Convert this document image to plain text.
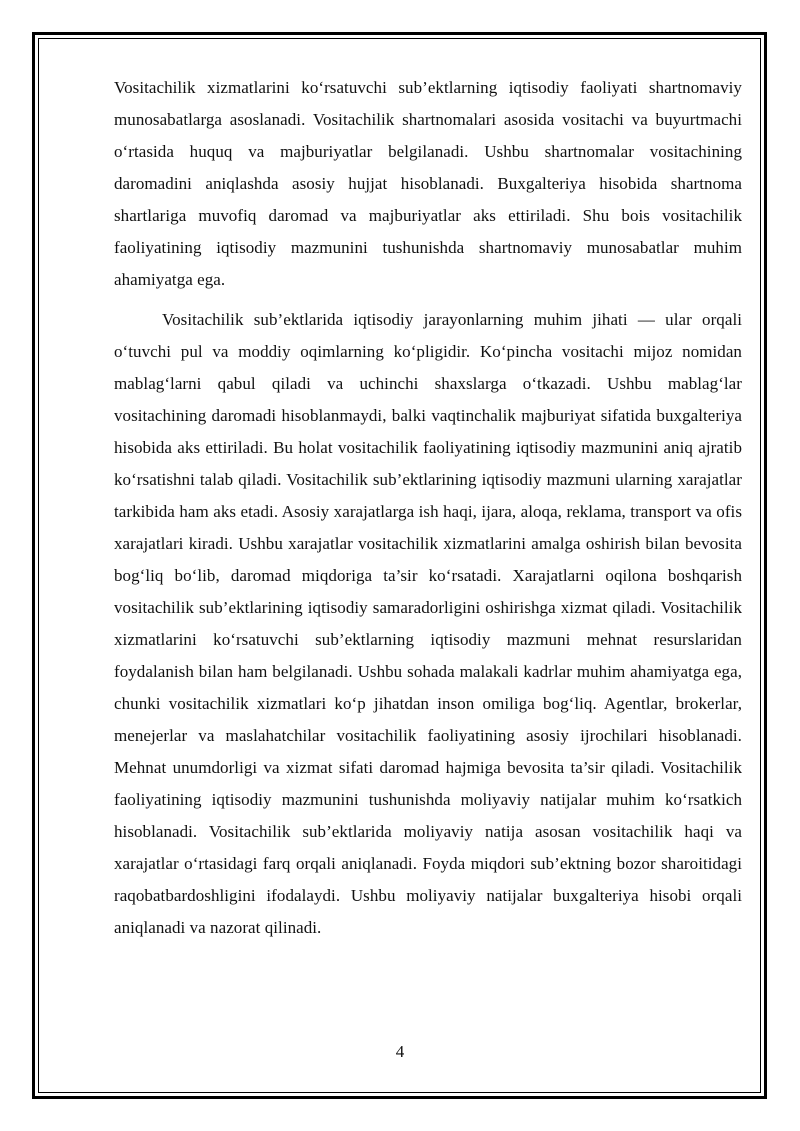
Vositachilik xizmatlarini ko‘rsatuvchi sub’ektlarning iqtisodiy faoliyati shartnomaviy munosabatlarga asoslanadi. Vositachilik shartnomalari asosida vositachi va buyurtmachi o‘rtasida huquq va majburiyatlar belgilanadi. Ushbu shartnomalar vositachining daromadini aniqlashda asosiy hujjat hisoblanadi. Buxgalteriya hisobida shartnoma shartlariga muvofiq daromad va majburiyatlar aks ettiriladi. Shu bois vositachilik faoliyatining iqtisodiy mazmunini tushunishda shartnomaviy munosabatlar muhim ahamiyatga ega.

Vositachilik sub’ektlarida iqtisodiy jarayonlarning muhim jihati — ular orqali o‘tuvchi pul va moddiy oqimlarning ko‘pligidir. Ko‘pincha vositachi mijoz nomidan mablag‘larni qabul qiladi va uchinchi shaxslarga o‘tkazadi. Ushbu mablag‘lar vositachining daromadi hisoblanmaydi, balki vaqtinchalik majburiyat sifatida buxgalteriya hisobida aks ettiriladi. Bu holat vositachilik faoliyatining iqtisodiy mazmunini aniq ajratib ko‘rsatishni talab qiladi. Vositachilik sub’ektlarining iqtisodiy mazmuni ularning xarajatlar tarkibida ham aks etadi. Asosiy xarajatlarga ish haqi, ijara, aloqa, reklama, transport va ofis xarajatlari kiradi. Ushbu xarajatlar vositachilik xizmatlarini amalga oshirish bilan bevosita bog‘liq bo‘lib, daromad miqdoriga ta’sir ko‘rsatadi. Xarajatlarni oqilona boshqarish vositachilik sub’ektlarining iqtisodiy samaradorligini oshirishga xizmat qiladi. Vositachilik xizmatlarini ko‘rsatuvchi sub’ektlarning iqtisodiy mazmuni mehnat resurslaridan foydalanish bilan ham belgilanadi. Ushbu sohada malakali kadrlar muhim ahamiyatga ega, chunki vositachilik xizmatlari ko‘p jihatdan inson omiliga bog‘liq. Agentlar, brokerlar, menejerlar va maslahatchilar vositachilik faoliyatining asosiy ijrochilari hisoblanadi. Mehnat unumdorligi va xizmat sifati daromad hajmiga bevosita ta’sir qiladi. Vositachilik faoliyatining iqtisodiy mazmunini tushunishda moliyaviy natijalar muhim ko‘rsatkich hisoblanadi. Vositachilik sub’ektlarida moliyaviy natija asosan vositachilik haqi va xarajatlar o‘rtasidagi farq orqali aniqlanadi. Foyda miqdori sub’ektning bozor sharoitidagi raqobatbardoshligini ifodalaydi. Ushbu moliyaviy natijalar buxgalteriya hisobi orqali aniqlanadi va nazorat qilinadi.

4
